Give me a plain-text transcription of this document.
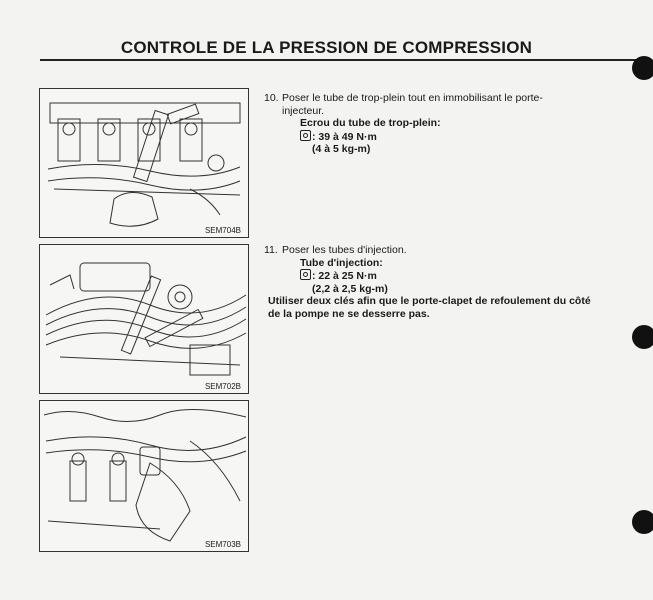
CONTROLE DE LA PRESSION DE COMPRESSION
SEM704B
SEM702B
SEM703B
10. Poser le tube de trop-plein tout en immobilisant le porte-
injecteur.
Ecrou du tube de trop-plein:
: 39 à 49 N·m
(4 à 5 kg-m)
11. Poser les tubes d'injection.
Tube d'injection:
: 22 à 25 N·m
(2,2 à 2,5 kg-m)
Utiliser deux clés afin que le porte-clapet de refoulement du côté
de la pompe ne se desserre pas.
